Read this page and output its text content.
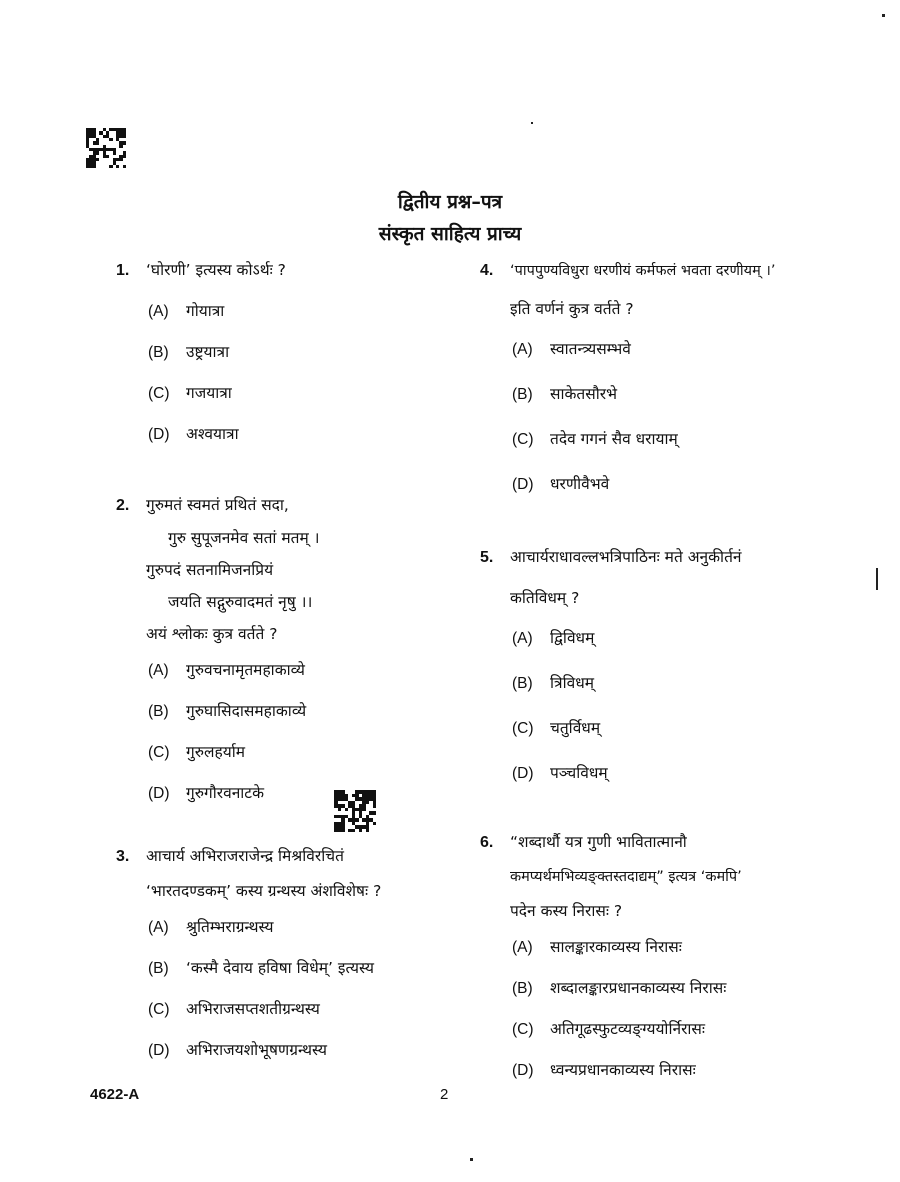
द्वितीय प्रश्न–पत्र
संस्कृत साहित्य प्राच्य
1. ‘घोरणी’ इत्यस्य कोऽर्थः ?
(A) गोयात्रा
(B) उष्ट्रयात्रा
(C) गजयात्रा
(D) अश्वयात्रा
2. गुरुमतं स्वमतं प्रथितं सदा,
गुरु सुपूजनमेव सतां मतम् ।
गुरुपदं सतनामिजनप्रियं
जयति सद्गुरुवादमतं नृषु ।।
अयं श्लोकः कुत्र वर्तते ?
(A) गुरुवचनामृतमहाकाव्ये
(B) गुरुघासिदासमहाकाव्ये
(C) गुरुलहर्याम
(D) गुरुगौरवनाटके
3. आचार्य अभिराजराजेन्द्र मिश्रविरचितं
‘भारतदण्डकम्’ कस्य ग्रन्थस्य अंशविशेषः ?
(A) श्रुतिम्भराग्रन्थस्य
(B) ‘कस्मै देवाय हविषा विधेम्’ इत्यस्य
(C) अभिराजसप्तशतीग्रन्थस्य
(D) अभिराजयशोभूषणग्रन्थस्य
4. ‘पापपुण्यविधुरा धरणीयं कर्मफलं भवता दरणीयम् ।’
इति वर्णनं कुत्र वर्तते ?
(A) स्वातन्त्र्यसम्भवे
(B) साकेतसौरभे
(C) तदेव गगनं सैव धरायाम्
(D) धरणीवैभवे
5. आचार्यराधावल्लभत्रिपाठिनः मते अनुकीर्तनं
कतिविधम् ?
(A) द्विविधम्
(B) त्रिविधम्
(C) चतुर्विधम्
(D) पञ्चविधम्
6. “शब्दार्थौ यत्र गुणी भावितात्मानौ
कमप्यर्थमभिव्यङ्क्तस्तदाद्यम्” इत्यत्र ‘कमपि’
पदेन कस्य निरासः ?
(A) सालङ्कारकाव्यस्य निरासः
(B) शब्दालङ्कारप्रधानकाव्यस्य निरासः
(C) अतिगूढस्फुटव्यङ्ग्ययोर्निरासः
(D) ध्वन्यप्रधानकाव्यस्य निरासः
4622-A	2
